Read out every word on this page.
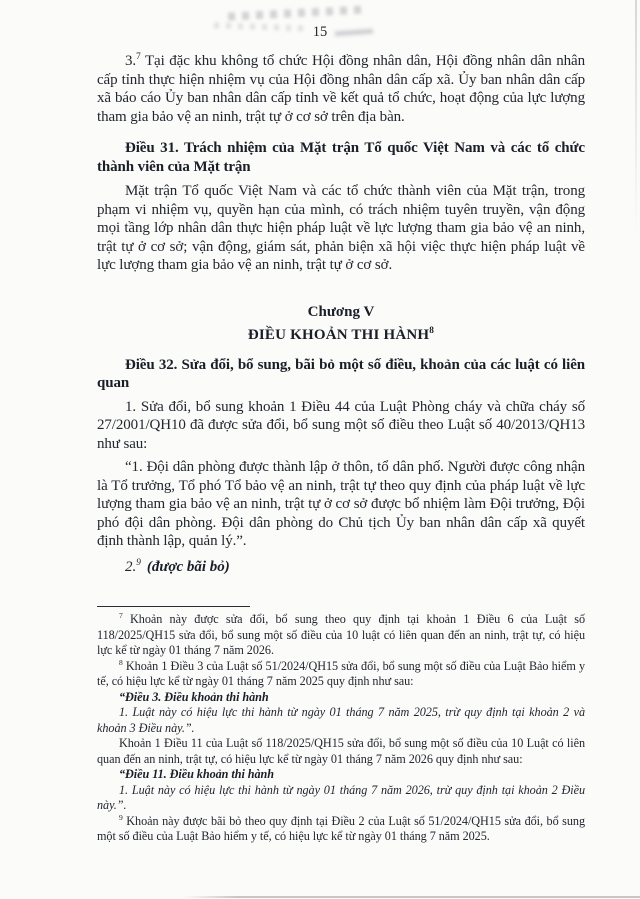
15

3.$^7$ Tại đặc khu không tổ chức Hội đồng nhân dân, Hội đồng nhân dân nhân cấp tỉnh thực hiện nhiệm vụ của Hội đồng nhân dân cấp xã. Ủy ban nhân dân cấp xã báo cáo Ủy ban nhân dân cấp tỉnh về kết quả tổ chức, hoạt động của lực lượng tham gia bảo vệ an ninh, trật tự ở cơ sở trên địa bàn.

Điều 31. Trách nhiệm của Mặt trận Tổ quốc Việt Nam và các tổ chức thành viên của Mặt trận

Mặt trận Tổ quốc Việt Nam và các tổ chức thành viên của Mặt trận, trong phạm vi nhiệm vụ, quyền hạn của mình, có trách nhiệm tuyên truyền, vận động mọi tầng lớp nhân dân thực hiện pháp luật về lực lượng tham gia bảo vệ an ninh, trật tự ở cơ sở; vận động, giám sát, phản biện xã hội việc thực hiện pháp luật về lực lượng tham gia bảo vệ an ninh, trật tự ở cơ sở.

Chương V

ĐIỀU KHOẢN THI HÀNH$^8$

Điều 32. Sửa đổi, bổ sung, bãi bỏ một số điều, khoản của các luật có liên quan

1. Sửa đổi, bổ sung khoản 1 Điều 44 của Luật Phòng cháy và chữa cháy số 27/2001/QH10 đã được sửa đổi, bổ sung một số điều theo Luật số 40/2013/QH13 như sau:

“1. Đội dân phòng được thành lập ở thôn, tổ dân phố. Người được công nhận là Tổ trưởng, Tổ phó Tổ bảo vệ an ninh, trật tự theo quy định của pháp luật về lực lượng tham gia bảo vệ an ninh, trật tự ở cơ sở được bổ nhiệm làm Đội trưởng, Đội phó đội dân phòng. Đội dân phòng do Chủ tịch Ủy ban nhân dân cấp xã quyết định thành lập, quản lý.”.

2.$^9$ (được bãi bỏ)

$^7$ Khoản này được sửa đổi, bổ sung theo quy định tại khoản 1 Điều 6 của Luật số 118/2025/QH15 sửa đổi, bổ sung một số điều của 10 luật có liên quan đến an ninh, trật tự, có hiệu lực kể từ ngày 01 tháng 7 năm 2026.

$^8$ Khoản 1 Điều 3 của Luật số 51/2024/QH15 sửa đổi, bổ sung một số điều của Luật Bảo hiểm y tế, có hiệu lực kể từ ngày 01 tháng 7 năm 2025 quy định như sau:

“Điều 3. Điều khoản thi hành

1. Luật này có hiệu lực thi hành từ ngày 01 tháng 7 năm 2025, trừ quy định tại khoản 2 và khoản 3 Điều này.”.

Khoản 1 Điều 11 của Luật số 118/2025/QH15 sửa đổi, bổ sung một số điều của 10 Luật có liên quan đến an ninh, trật tự, có hiệu lực kể từ ngày 01 tháng 7 năm 2026 quy định như sau:

“Điều 11. Điều khoản thi hành

1. Luật này có hiệu lực thi hành từ ngày 01 tháng 7 năm 2026, trừ quy định tại khoản 2 Điều này.”.

$^9$ Khoản này được bãi bỏ theo quy định tại Điều 2 của Luật số 51/2024/QH15 sửa đổi, bổ sung một số điều của Luật Bảo hiểm y tế, có hiệu lực kể từ ngày 01 tháng 7 năm 2025.
